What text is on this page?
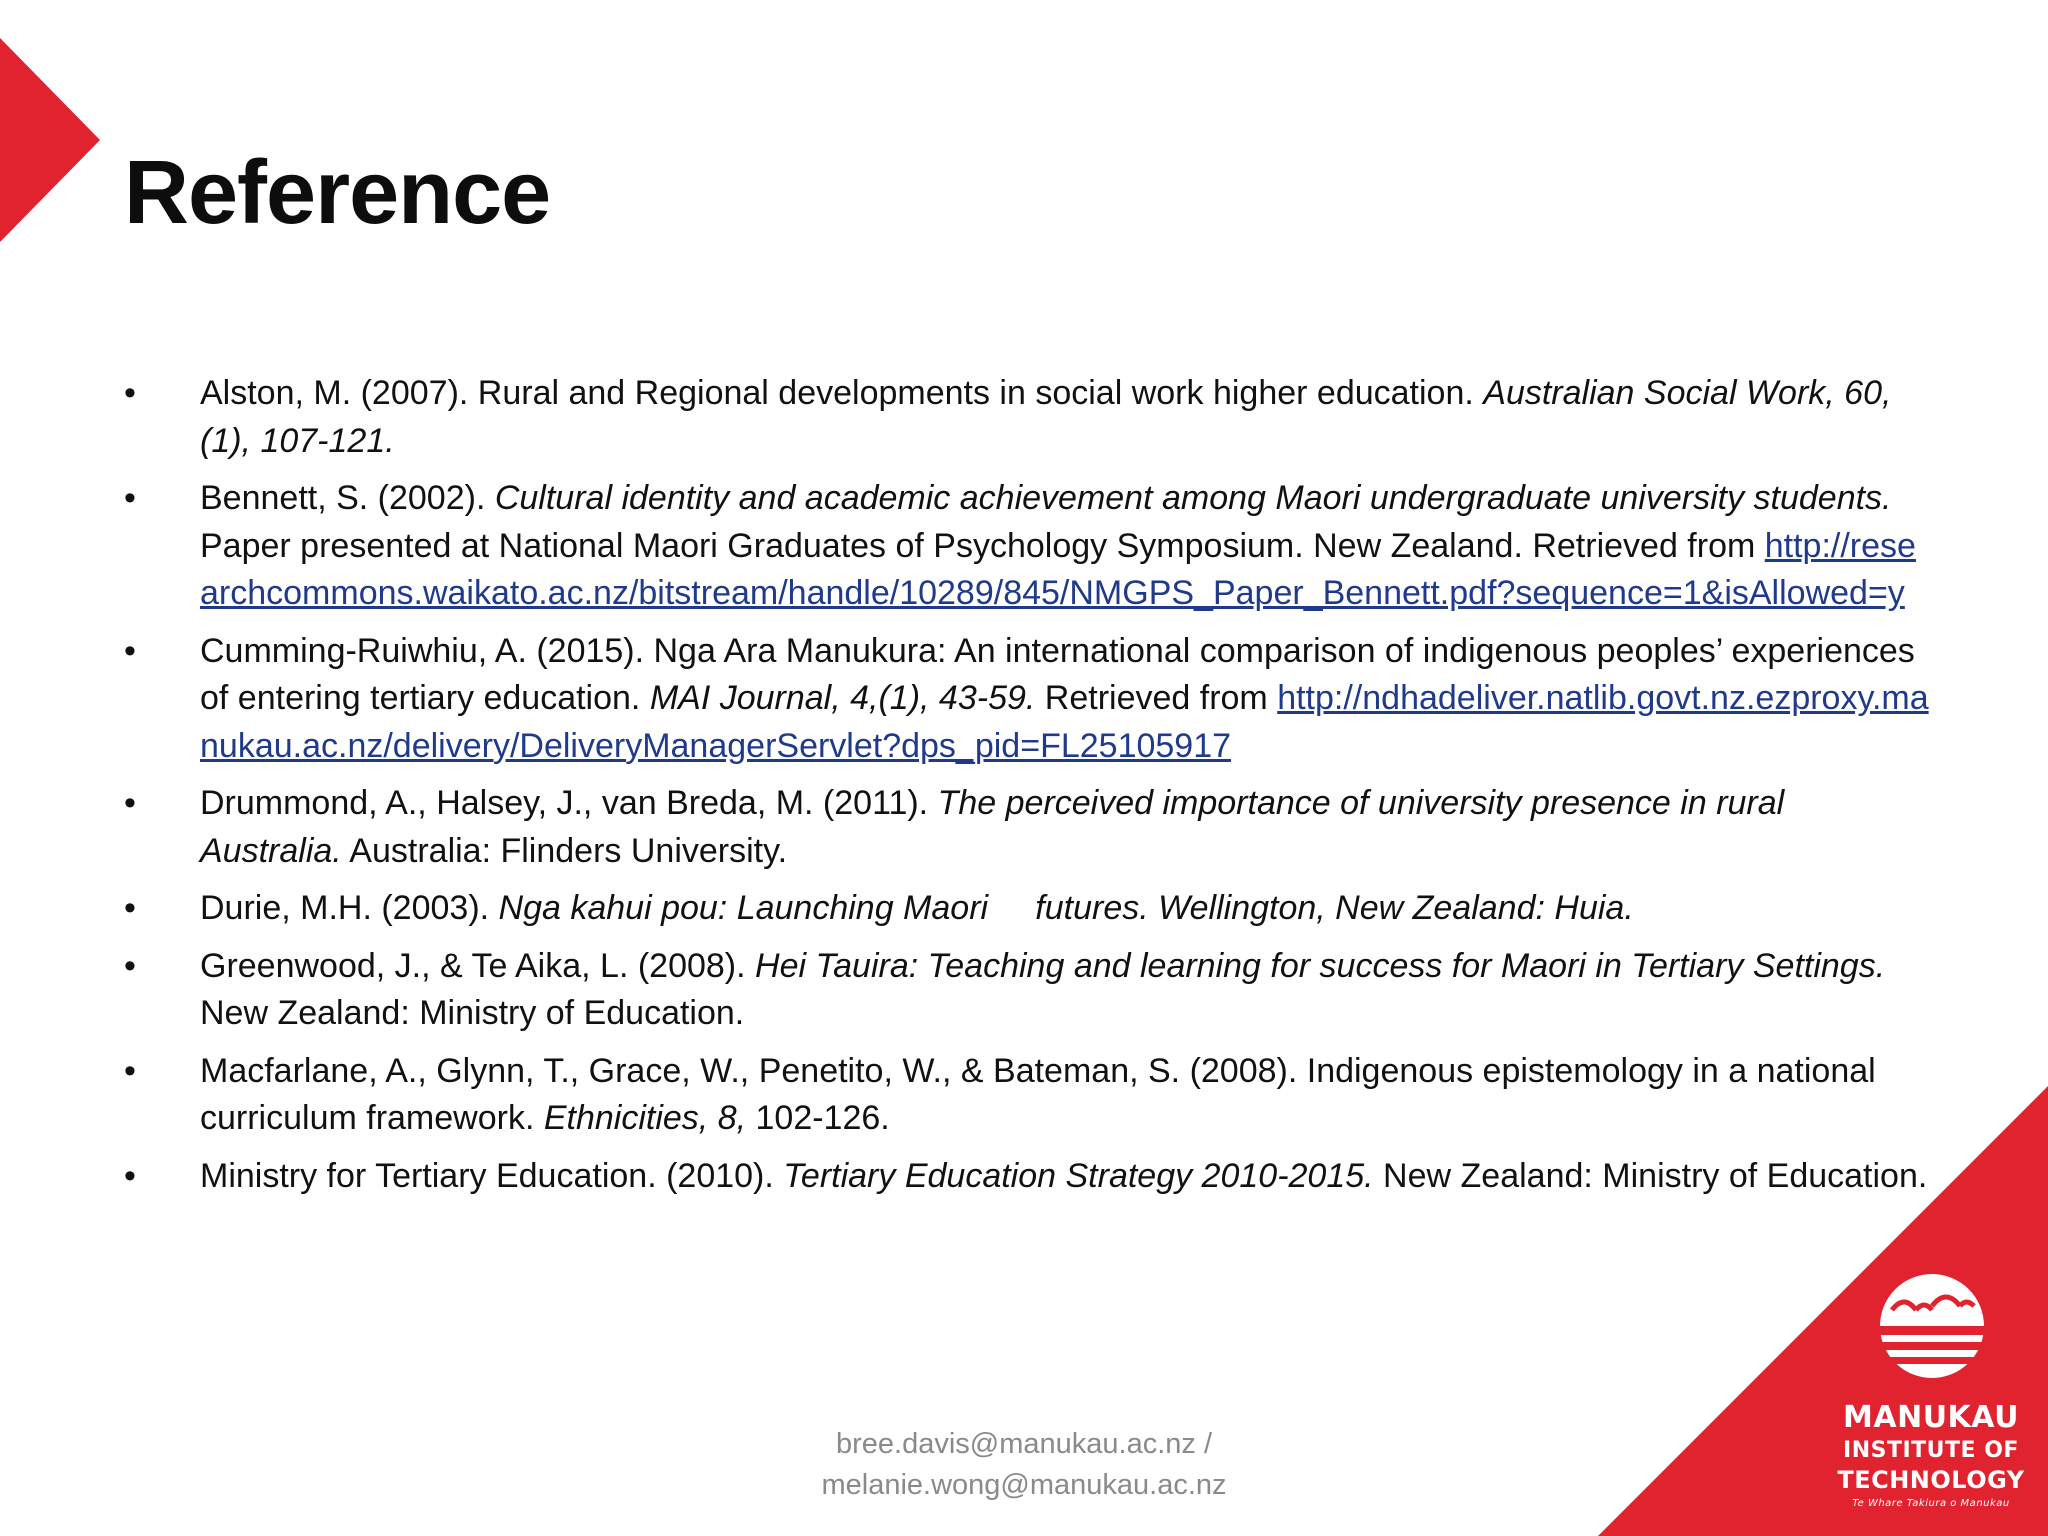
Reference
• Alston, M. (2007). Rural and Regional developments in social work higher education. Australian Social Work, 60, (1), 107-121.
• Bennett, S. (2002). Cultural identity and academic achievement among Maori undergraduate university students. Paper presented at National Maori Graduates of Psychology Symposium. New Zealand. Retrieved from http://researchcommons.waikato.ac.nz/bitstream/handle/10289/845/NMGPS_Paper_Bennett.pdf?sequence=1&isAllowed=y
• Cumming-Ruiwhiu, A. (2015). Nga Ara Manukura: An international comparison of indigenous peoples’ experiences of entering tertiary education. MAI Journal, 4,(1), 43-59. Retrieved from http://ndhadeliver.natlib.govt.nz.ezproxy.manukau.ac.nz/delivery/DeliveryManagerServlet?dps_pid=FL25105917
• Drummond, A., Halsey, J., van Breda, M. (2011). The perceived importance of university presence in rural Australia. Australia: Flinders University.
• Durie, M.H. (2003). Nga kahui pou: Launching Maori     futures. Wellington, New Zealand: Huia.
• Greenwood, J., & Te Aika, L. (2008). Hei Tauira: Teaching and learning for success for Maori in Tertiary Settings. New Zealand: Ministry of Education.
• Macfarlane, A., Glynn, T., Grace, W., Penetito, W., & Bateman, S. (2008). Indigenous epistemology in a national curriculum framework. Ethnicities, 8, 102-126.
• Ministry for Tertiary Education. (2010). Tertiary Education Strategy 2010-2015. New Zealand: Ministry of Education.
bree.davis@manukau.ac.nz /
melanie.wong@manukau.ac.nz
MANUKAU
INSTITUTE OF
TECHNOLOGY
Te Whare Takiura o Manukau
